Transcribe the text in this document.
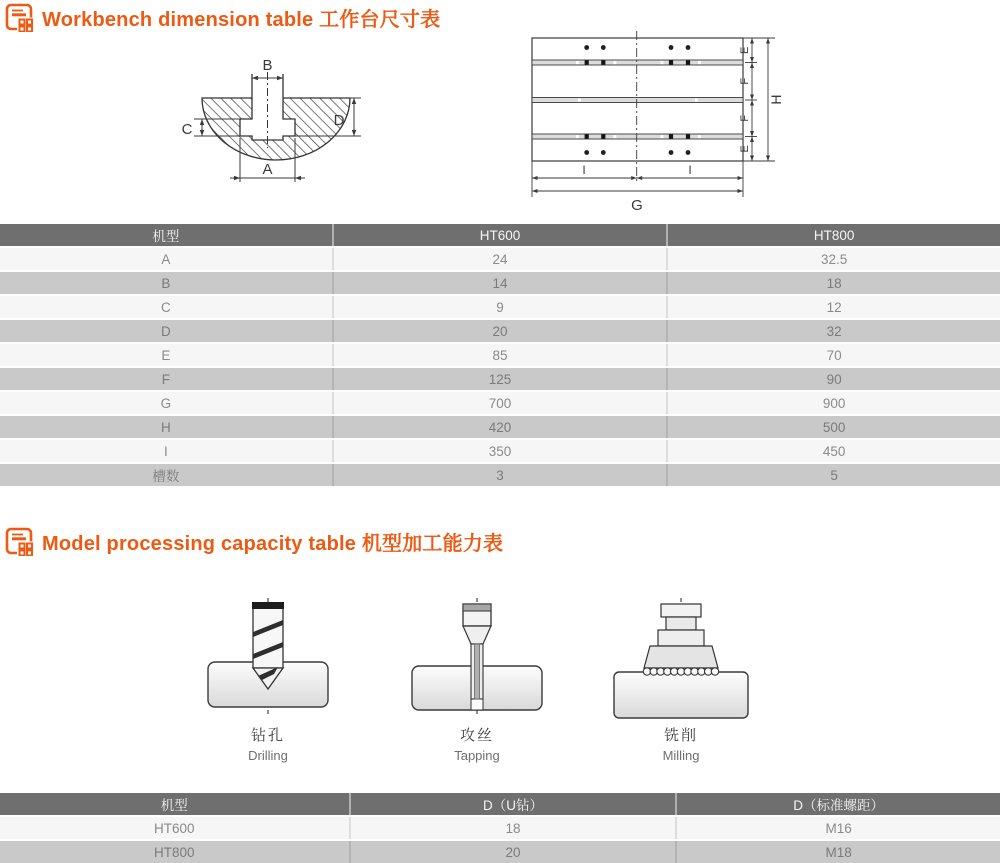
Workbench dimension table 工作台尺寸表
B
C
D
A
E
F
F
E
H
I	I
G
机型	HT600	HT800
A	24	32.5
B	14	18
C	9	12
D	20	32
E	85	70
F	125	90
G	700	900
H	420	500
I	350	450
槽数	3	5
Model processing capacity table 机型加工能力表
钻孔
Drilling
攻丝
Tapping
铣削
Milling
机型	D（U钻）	D（标准螺距）
HT600	18	M16
HT800	20	M18
